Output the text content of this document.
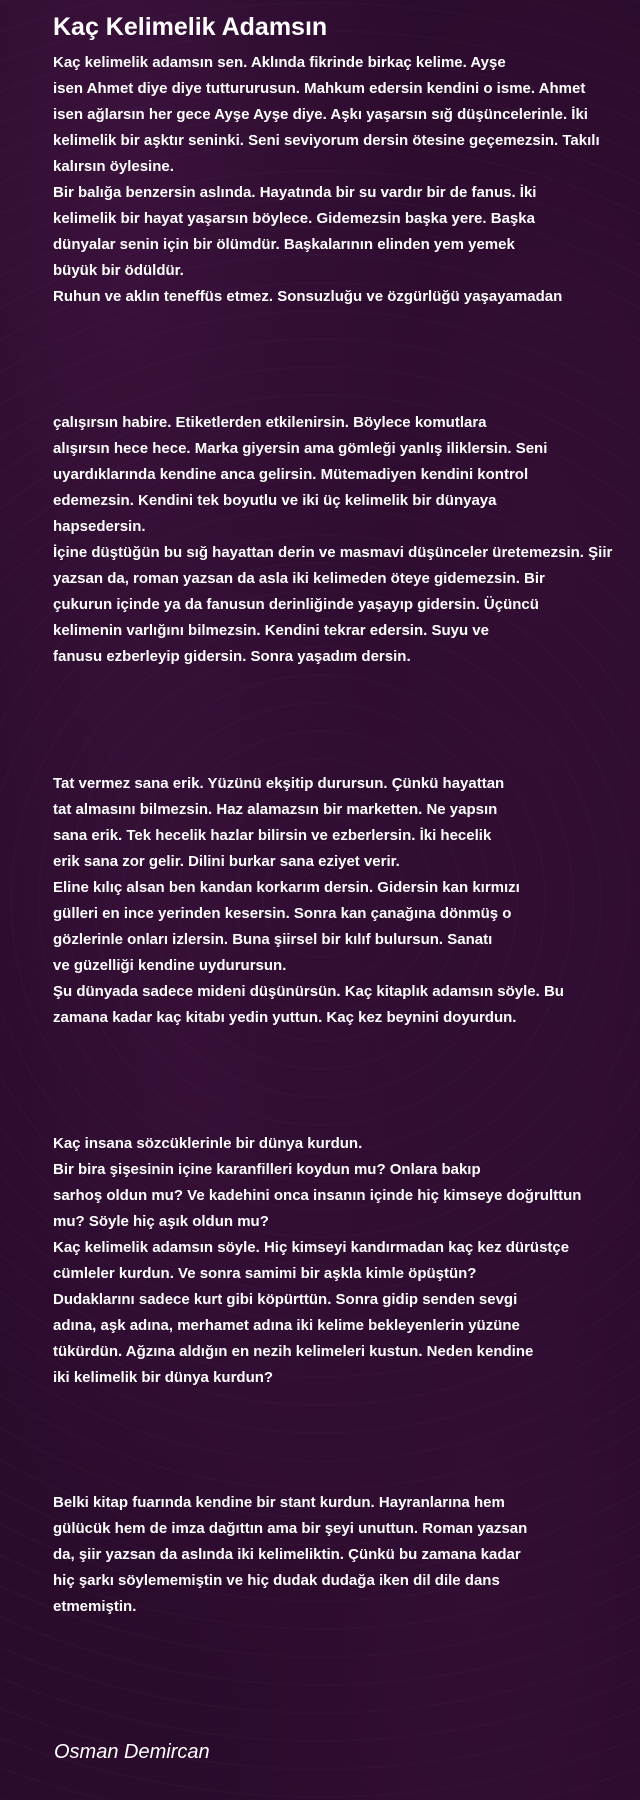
Kaç Kelimelik Adamsın
Kaç kelimelik adamsın sen. Aklında fikrinde birkaç kelime. Ayşe
isen Ahmet diye diye tuttururusun. Mahkum edersin kendini o isme. Ahmet
isen ağlarsın her gece Ayşe Ayşe diye. Aşkı yaşarsın sığ düşüncelerinle. İki
kelimelik bir aşktır seninki. Seni seviyorum dersin ötesine geçemezsin. Takılı
kalırsın öylesine.
Bir balığa benzersin aslında. Hayatında bir su vardır bir de fanus. İki
kelimelik bir hayat yaşarsın böylece. Gidemezsin başka yere. Başka
dünyalar senin için bir ölümdür. Başkalarının elinden yem yemek
büyük bir ödüldür.
Ruhun ve aklın teneffüs etmez. Sonsuzluğu ve özgürlüğü yaşayamadan
çalışırsın habire. Etiketlerden etkilenirsin. Böylece komutlara
alışırsın hece hece. Marka giyersin ama gömleği yanlış iliklersin. Seni
uyardıklarında kendine anca gelirsin. Mütemadiyen kendini kontrol
edemezsin. Kendini tek boyutlu ve iki üç kelimelik bir dünyaya
hapsedersin.
İçine düştüğün bu sığ hayattan derin ve masmavi düşünceler üretemezsin. Şiir
yazsan da, roman yazsan da asla iki kelimeden öteye gidemezsin. Bir
çukurun içinde ya da fanusun derinliğinde yaşayıp gidersin. Üçüncü
kelimenin varlığını bilmezsin. Kendini tekrar edersin. Suyu ve
fanusu ezberleyip gidersin. Sonra yaşadım dersin.
Tat vermez sana erik. Yüzünü ekşitip durursun. Çünkü hayattan
tat almasını bilmezsin. Haz alamazsın bir marketten. Ne yapsın
sana erik. Tek hecelik hazlar bilirsin ve ezberlersin. İki hecelik
erik sana zor gelir. Dilini burkar sana eziyet verir.
Eline kılıç alsan ben kandan korkarım dersin. Gidersin kan kırmızı
gülleri en ince yerinden kesersin. Sonra kan çanağına dönmüş o
gözlerinle onları izlersin. Buna şiirsel bir kılıf bulursun. Sanatı
ve güzelliği kendine uydurursun.
Şu dünyada sadece mideni düşünürsün. Kaç kitaplık adamsın söyle. Bu
zamana kadar kaç kitabı yedin yuttun. Kaç kez beynini doyurdun.
Kaç insana sözcüklerinle bir dünya kurdun.
Bir bira şişesinin içine karanfilleri koydun mu? Onlara bakıp
sarhoş oldun mu? Ve kadehini onca insanın içinde hiç kimseye doğrulttun
mu? Söyle hiç aşık oldun mu?
Kaç kelimelik adamsın söyle. Hiç kimseyi kandırmadan kaç kez dürüstçe
cümleler kurdun. Ve sonra samimi bir aşkla kimle öpüştün?
Dudaklarını sadece kurt gibi köpürttün. Sonra gidip senden sevgi
adına, aşk adına, merhamet adına iki kelime bekleyenlerin yüzüne
tükürdün. Ağzına aldığın en nezih kelimeleri kustun. Neden kendine
iki kelimelik bir dünya kurdun?
Belki kitap fuarında kendine bir stant kurdun. Hayranlarına hem
gülücük hem de imza dağıttın ama bir şeyi unuttun. Roman yazsan
da, şiir yazsan da aslında iki kelimeliktin. Çünkü bu zamana kadar
hiç şarkı söylememiştin ve hiç dudak dudağa iken dil dile dans
etmemiştin.
Osman Demircan
